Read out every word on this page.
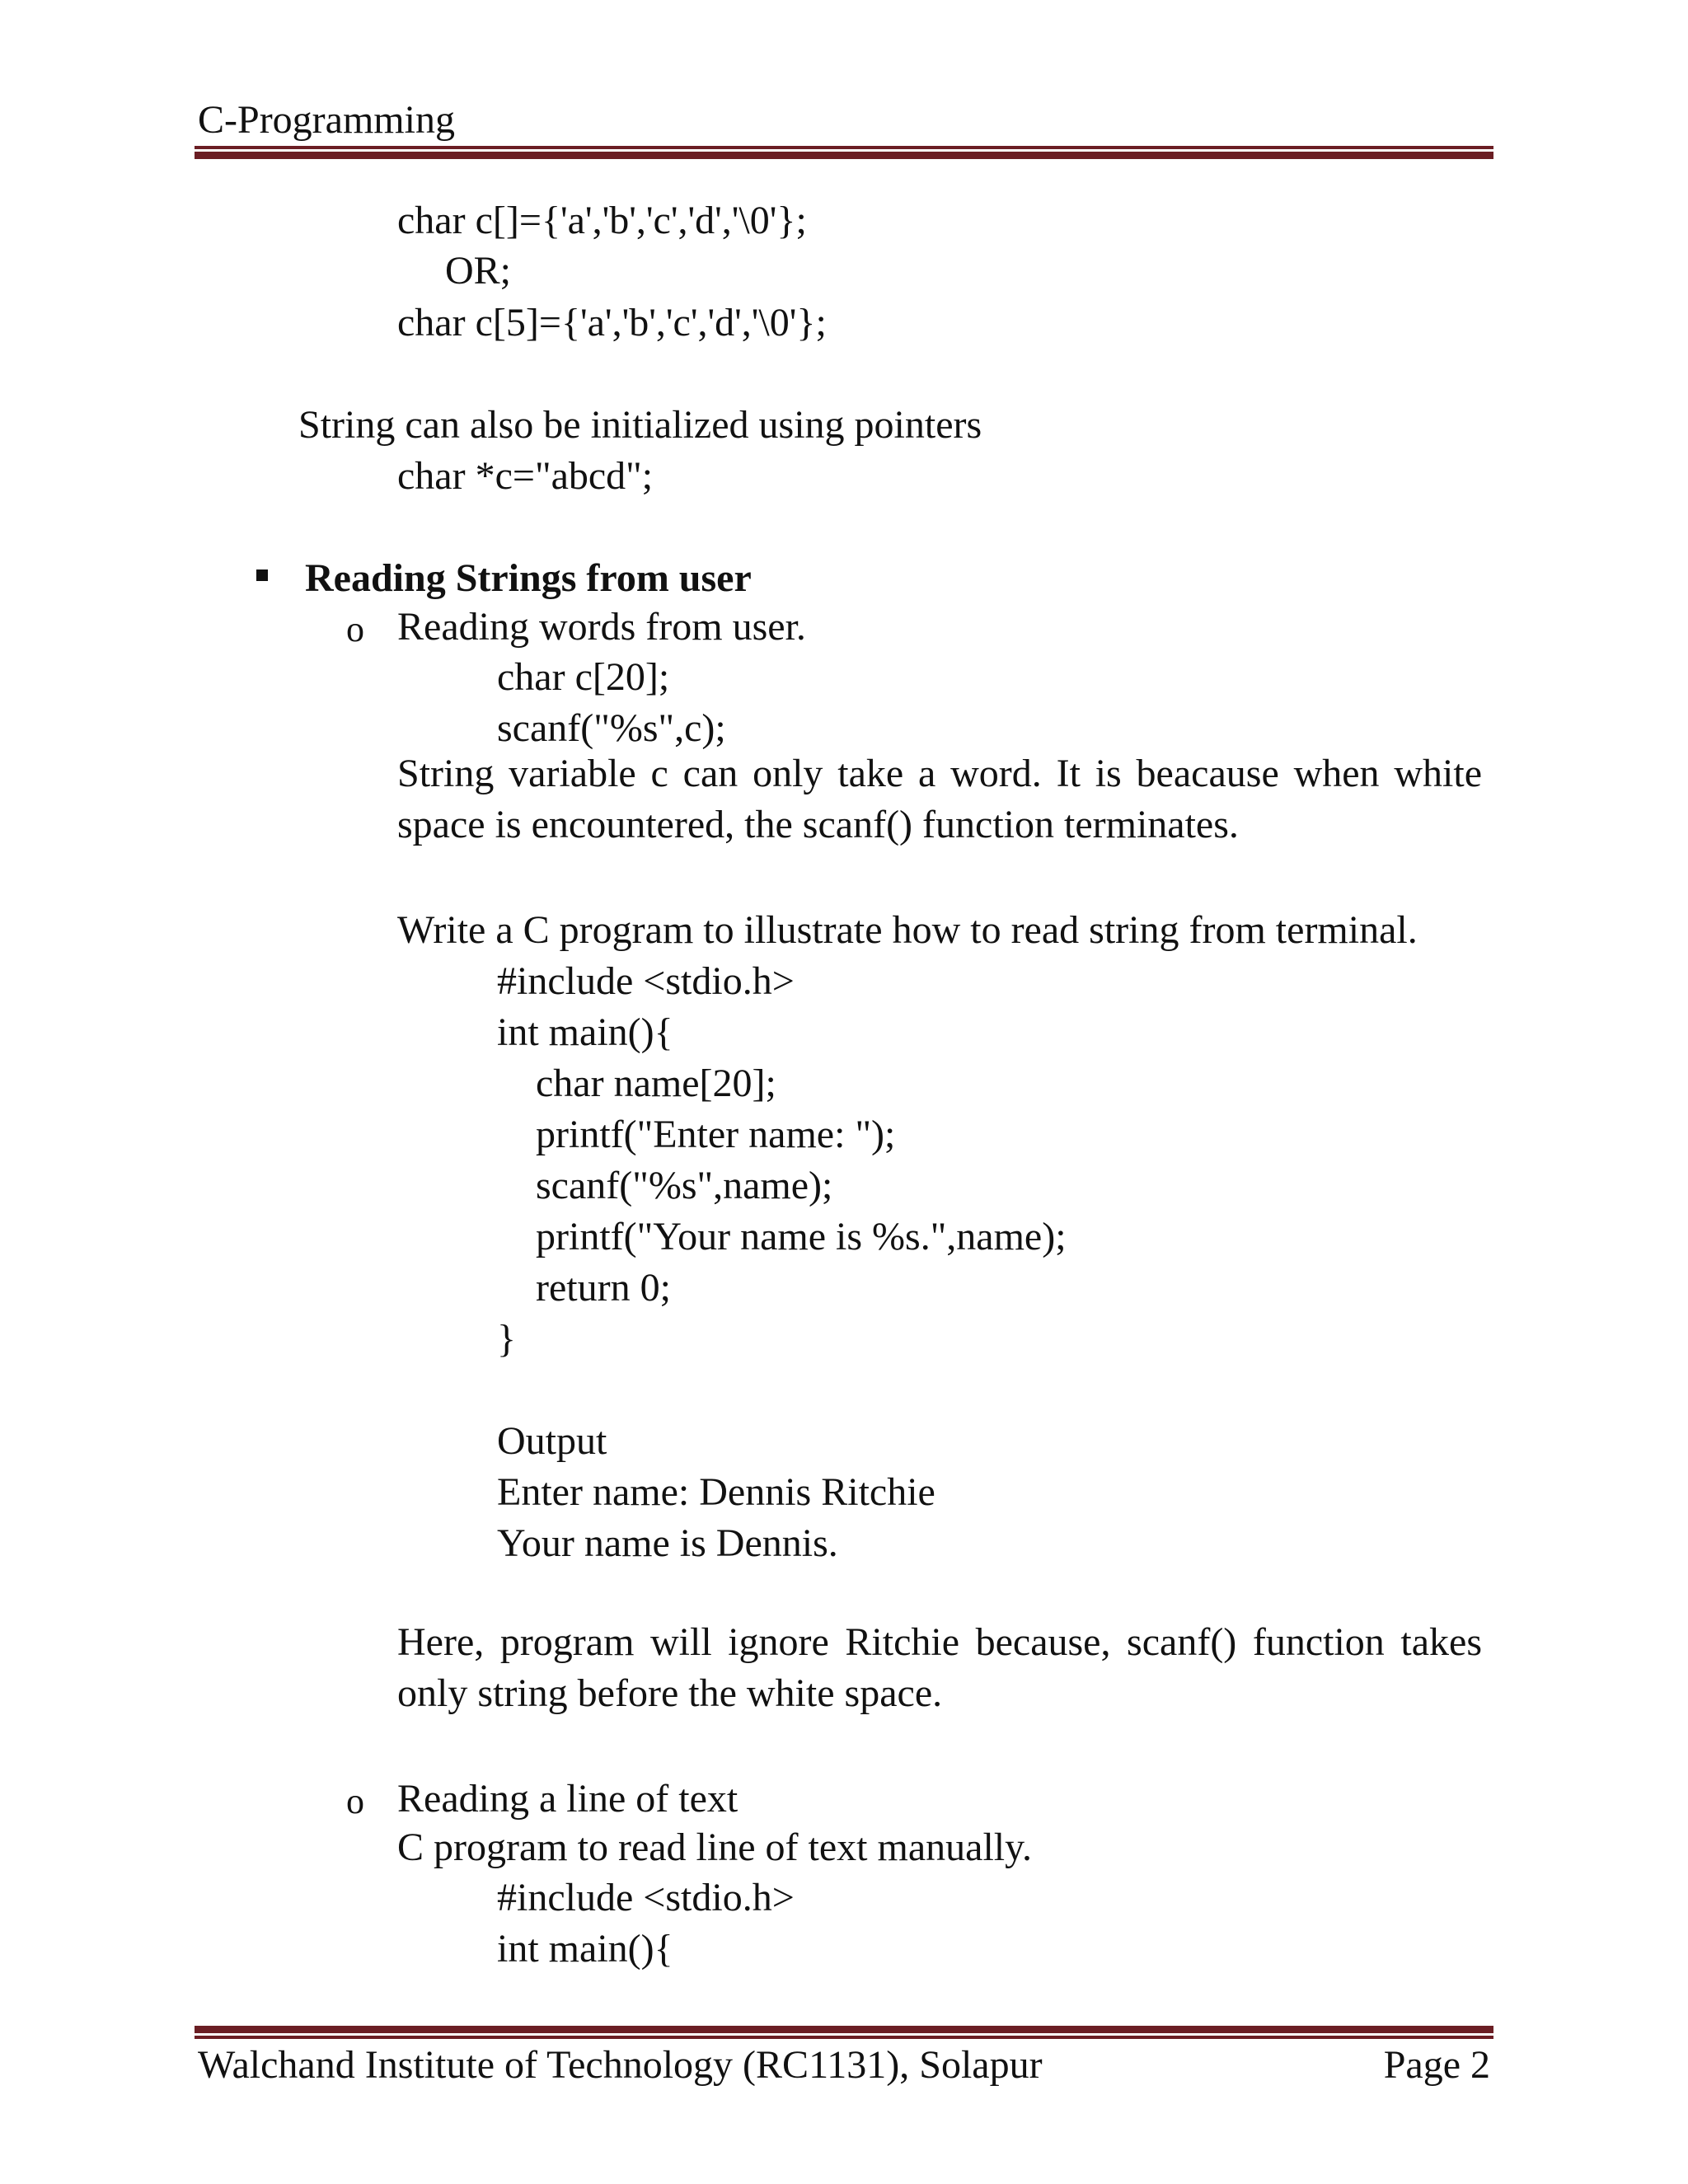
C-Programming
char c[]={'a','b','c','d','\0'};
OR;
char c[5]={'a','b','c','d','\0'};
String can also be initialized using pointers
char *c="abcd";
Reading Strings from user
o Reading words from user.
char c[20];
scanf("%s",c);
String variable c can only take a word. It is beacause when white space is encountered, the scanf() function terminates.
Write a C program to illustrate how to read string from terminal.
#include <stdio.h>
int main(){
char name[20];
printf("Enter name: ");
scanf("%s",name);
printf("Your name is %s.",name);
return 0;
}
Output
Enter name: Dennis Ritchie
Your name is Dennis.
Here, program will ignore Ritchie because, scanf() function takes only string before the white space.
o Reading a line of text
C program to read line of text manually.
#include <stdio.h>
int main(){
Walchand Institute of Technology (RC1131), Solapur	Page 2
